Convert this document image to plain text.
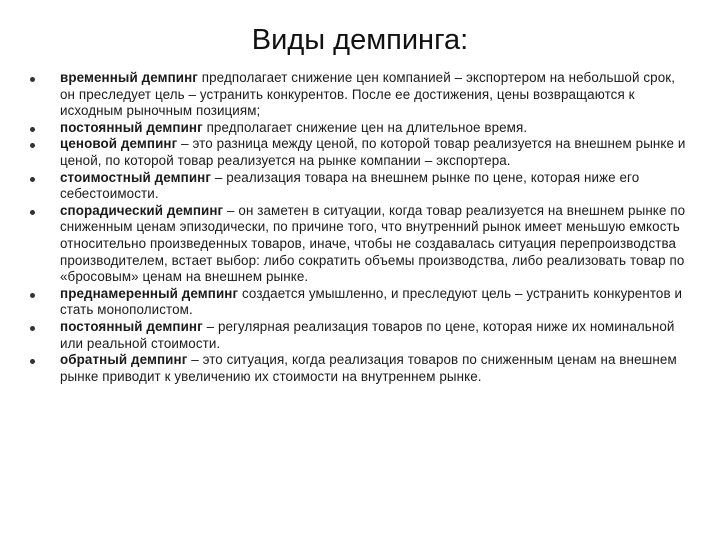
Виды демпинга:
временный демпинг предполагает снижение цен компанией – экспортером на небольшой срок, он преследует цель – устранить конкурентов. После ее достижения, цены возвращаются к исходным рыночным позициям;
постоянный демпинг предполагает снижение цен на длительное время.
ценовой демпинг – это разница между ценой, по которой товар реализуется на внешнем рынке и ценой, по которой товар реализуется на рынке компании – экспортера.
стоимостный демпинг – реализация товара на внешнем рынке по цене, которая ниже его себестоимости.
спорадический демпинг – он заметен в ситуации, когда товар реализуется на внешнем рынке по сниженным ценам эпизодически, по причине того, что внутренний рынок имеет меньшую емкость относительно произведенных товаров, иначе, чтобы не создавалась ситуация перепроизводства производителем, встает выбор: либо сократить объемы производства, либо реализовать товар по «бросовым» ценам на внешнем рынке.
преднамеренный демпинг создается умышленно, и преследуют цель – устранить конкурентов и стать монополистом.
постоянный демпинг – регулярная реализация товаров по цене, которая ниже их номинальной или реальной стоимости.
обратный демпинг – это ситуация, когда реализация товаров по сниженным ценам на внешнем рынке приводит к увеличению их стоимости на внутреннем рынке.
